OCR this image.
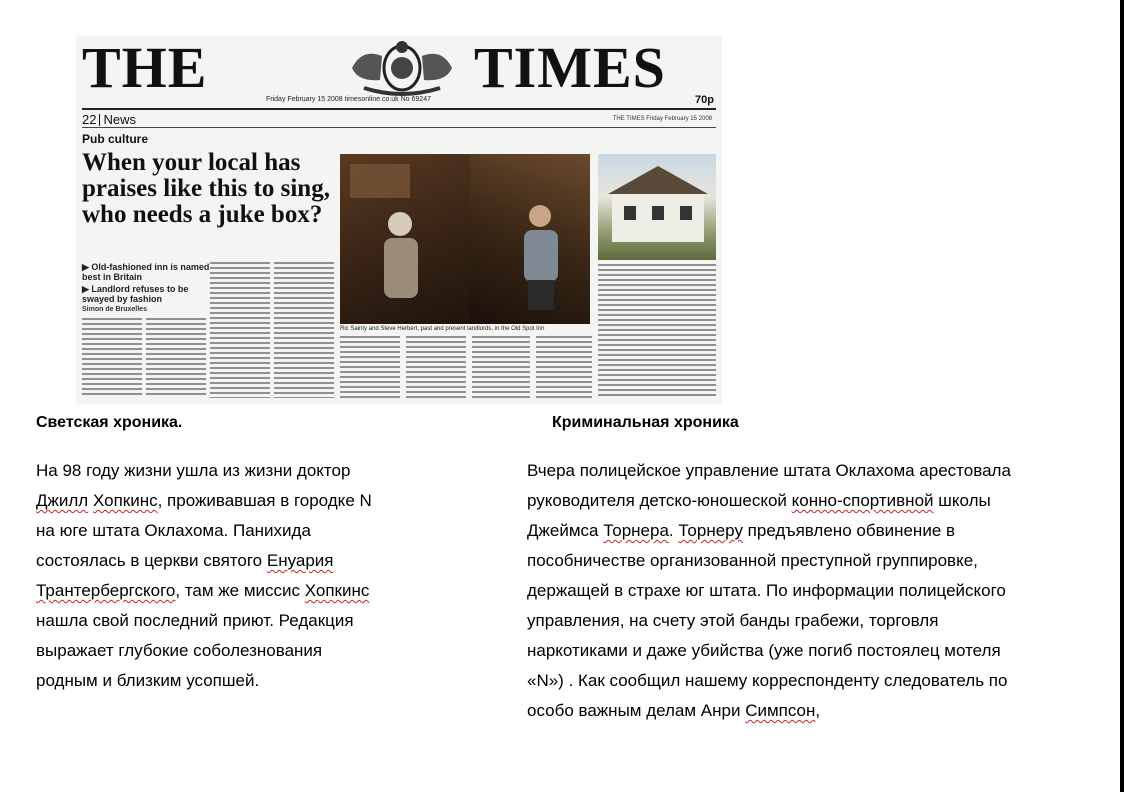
THE	TIMES
Friday February 15 2008 timesonline.co.uk No 69247	70p
22 News	THE TIMES Friday February 15 2008
Pub culture
When your local has praises like this to sing, who needs a juke box?
▶ Old-fashioned inn is named best in Britain
▶ Landlord refuses to be swayed by fashion
Simon de Bruxelles
Ric Sainty and Steve Herbert, past and present landlords, in the Old Spot Inn
Светская хроника.	Криминальная хроника
На 98 году жизни ушла из жизни доктор
Джилл Хопкинс, проживавшая в городке N
на юге штата Оклахома. Панихида
состоялась в церкви святого Енуария
Трантербергского, там же миссис Хопкинс
нашла свой последний приют. Редакция
выражает глубокие соболезнования
родным и близким усопшей.
Вчера полицейское управление штата Оклахома арестовала
руководителя детско-юношеской конно-спортивной школы
Джеймса Торнера. Торнеру предъявлено обвинение в
пособничестве организованной преступной группировке,
держащей в страхе юг штата. По информации полицейского
управления, на счету этой банды грабежи, торговля
наркотиками и даже убийства (уже погиб постоялец мотеля
«N») . Как сообщил нашему корреспонденту следователь по
особо важным делам Анри Симпсон,
